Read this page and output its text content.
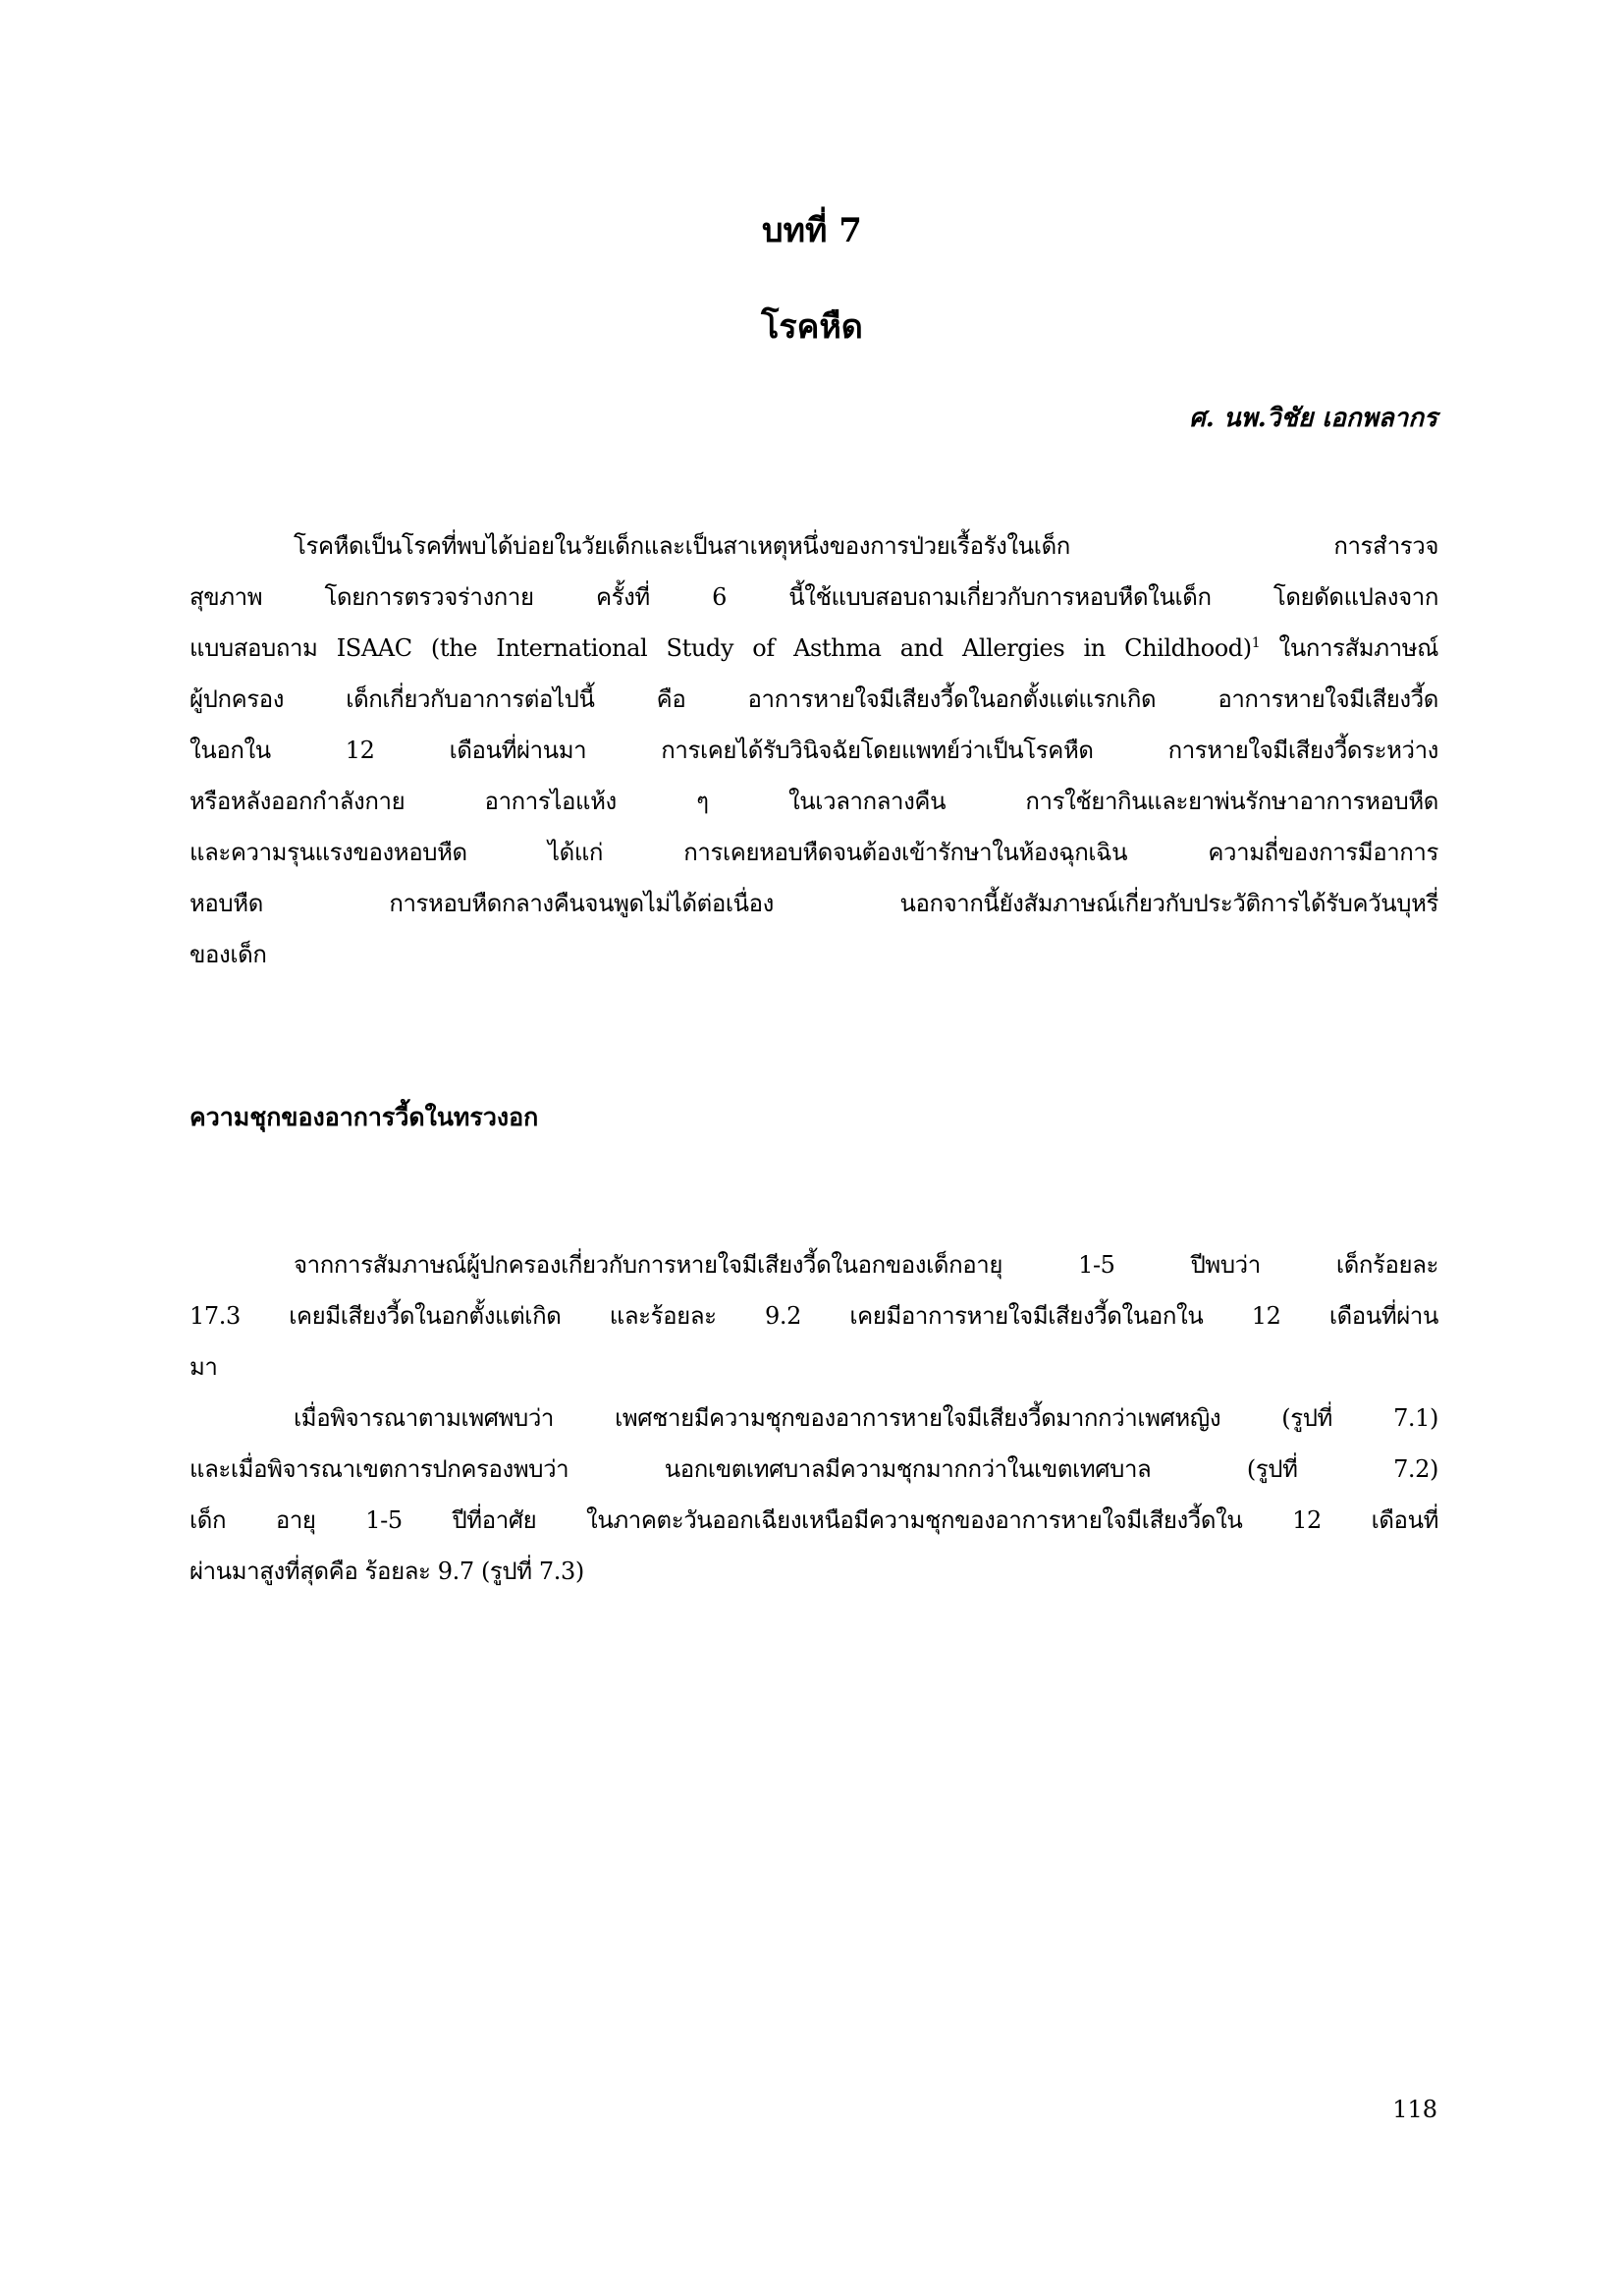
บทที่ 7
โรคหืด
ศ. นพ.วิชัย เอกพลากร
โรคหืดเป็นโรคที่พบได้บ่อยในวัยเด็กและเป็นสาเหตุหนึ่งของการป่วยเรื้อรังในเด็ก การสำรวจ
สุขภาพ โดยการตรวจร่างกาย ครั้งที่ 6 นี้ใช้แบบสอบถามเกี่ยวกับการหอบหืดในเด็ก โดยดัดแปลงจาก
แบบสอบถาม ISAAC (the International Study of Asthma and Allergies in Childhood)$^1$ ในการสัมภาษณ์
ผู้ปกครอง เด็กเกี่ยวกับอาการต่อไปนี้ คือ อาการหายใจมีเสียงวี้ดในอกตั้งแต่แรกเกิด อาการหายใจมีเสียงวี้ด
ในอกใน 12 เดือนที่ผ่านมา การเคยได้รับวินิจฉัยโดยแพทย์ว่าเป็นโรคหืด การหายใจมีเสียงวี้ดระหว่าง
หรือหลังออกกำลังกาย อาการไอแห้ง ๆ ในเวลากลางคืน การใช้ยากินและยาพ่นรักษาอาการหอบหืด
และความรุนแรงของหอบหืด ได้แก่ การเคยหอบหืดจนต้องเข้ารักษาในห้องฉุกเฉิน ความถี่ของการมีอาการ
หอบหืด การหอบหืดกลางคืนจนพูดไม่ได้ต่อเนื่อง นอกจากนี้ยังสัมภาษณ์เกี่ยวกับประวัติการได้รับควันบุหรี่
ของเด็ก
ความชุกของอาการวี้ดในทรวงอก
จากการสัมภาษณ์ผู้ปกครองเกี่ยวกับการหายใจมีเสียงวี้ดในอกของเด็กอายุ 1-5 ปีพบว่า เด็กร้อยละ
17.3 เคยมีเสียงวี้ดในอกตั้งแต่เกิด และร้อยละ 9.2 เคยมีอาการหายใจมีเสียงวี้ดในอกใน 12 เดือนที่ผ่าน
มา
เมื่อพิจารณาตามเพศพบว่า เพศชายมีความชุกของอาการหายใจมีเสียงวี้ดมากกว่าเพศหญิง (รูปที่ 7.1)
และเมื่อพิจารณาเขตการปกครองพบว่า นอกเขตเทศบาลมีความชุกมากกว่าในเขตเทศบาล (รูปที่ 7.2)
เด็ก อายุ 1-5 ปีที่อาศัย ในภาคตะวันออกเฉียงเหนือมีความชุกของอาการหายใจมีเสียงวี้ดใน 12 เดือนที่
ผ่านมาสูงที่สุดคือ ร้อยละ 9.7 (รูปที่ 7.3)
118
